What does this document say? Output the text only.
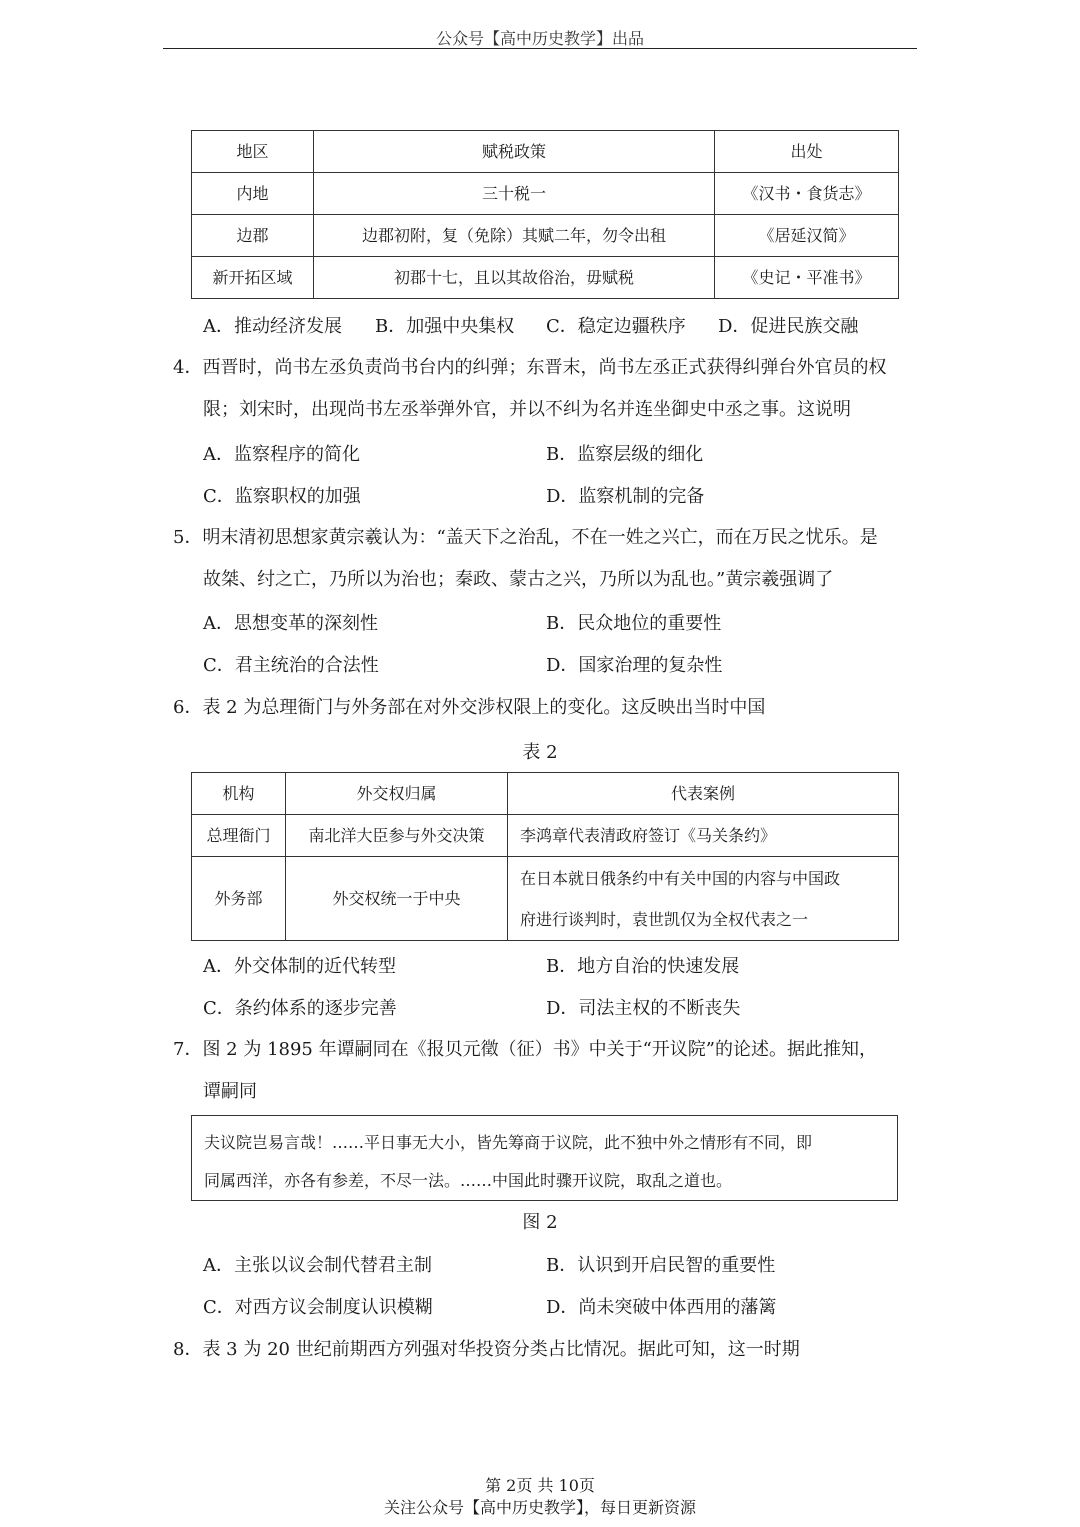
公众号【高中历史教学】出品
地区	赋税政策	出处
内地	三十税一	《汉书・食货志》
边郡	边郡初附，复（免除）其赋二年，勿令出租	《居延汉简》
新开拓区域	初郡十七，且以其故俗治，毋赋税	《史记・平准书》
A．推动经济发展 B．加强中央集权 C．稳定边疆秩序 D．促进民族交融
4．西晋时，尚书左丞负责尚书台内的纠弹；东晋末，尚书左丞正式获得纠弹台外官员的权
限；刘宋时，出现尚书左丞举弹外官，并以不纠为名并连坐御史中丞之事。这说明
A．监察程序的简化	B．监察层级的细化
C．监察职权的加强	D．监察机制的完备
5．明末清初思想家黄宗羲认为：“盖天下之治乱，不在一姓之兴亡，而在万民之忧乐。是
故桀、纣之亡，乃所以为治也；秦政、蒙古之兴，乃所以为乱也。”黄宗羲强调了
A．思想变革的深刻性	B．民众地位的重要性
C．君主统治的合法性	D．国家治理的复杂性
6．表 2 为总理衙门与外务部在对外交涉权限上的变化。这反映出当时中国
表 2
机构	外交权归属	代表案例
总理衙门	南北洋大臣参与外交决策	李鸿章代表清政府签订《马关条约》
外务部	外交权统一于中央	在日本就日俄条约中有关中国的内容与中国政
府进行谈判时，袁世凯仅为全权代表之一
A．外交体制的近代转型	B．地方自治的快速发展
C．条约体系的逐步完善	D．司法主权的不断丧失
7．图 2 为 1895 年谭嗣同在《报贝元徵（征）书》中关于“开议院”的论述。据此推知，
谭嗣同
夫议院岂易言哉！……平日事无大小，皆先筹商于议院，此不独中外之情形有不同，即
同属西洋，亦各有参差，不尽一法。……中国此时骤开议院，取乱之道也。
图 2
A．主张以议会制代替君主制	B．认识到开启民智的重要性
C．对西方议会制度认识模糊	D．尚未突破中体西用的藩篱
8．表 3 为 20 世纪前期西方列强对华投资分类占比情况。据此可知，这一时期
第 2页 共 10页
关注公众号【高中历史教学】，每日更新资源
